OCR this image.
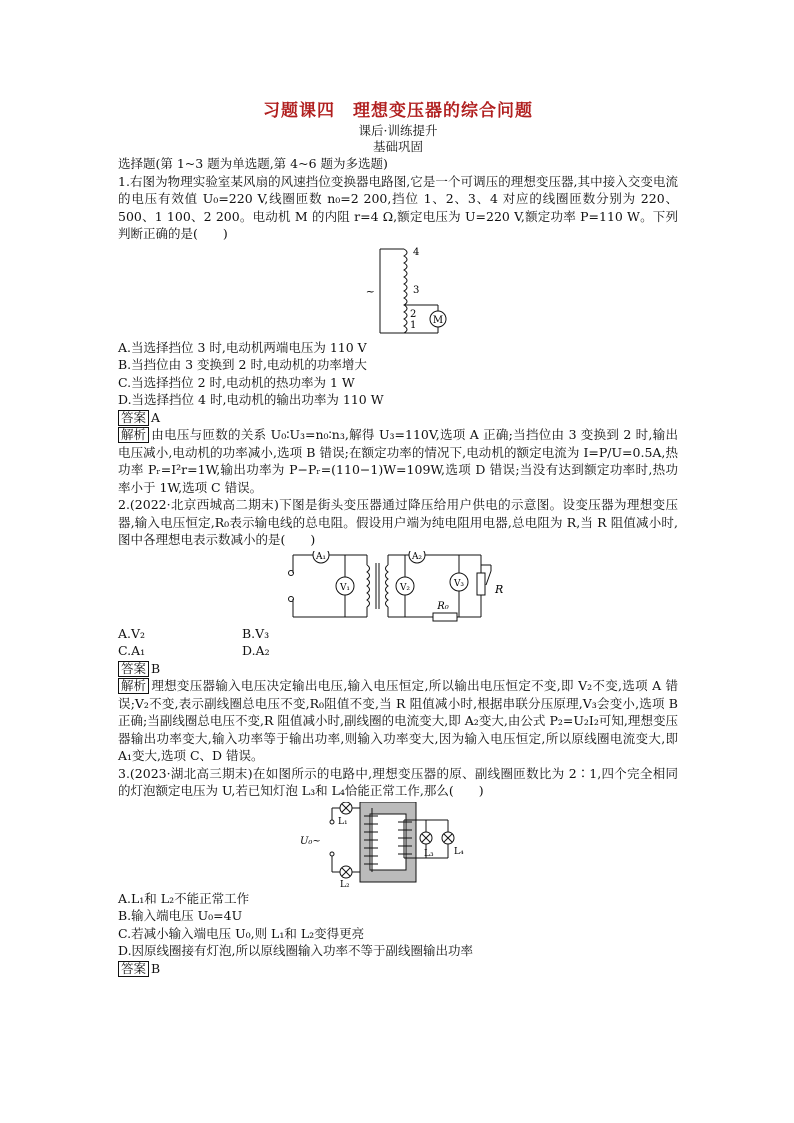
习题课四　理想变压器的综合问题
课后·训练提升
基础巩固

选择题(第 1~3 题为单选题,第 4~6 题为多选题)

1.右图为物理实验室某风扇的风速挡位变换器电路图,它是一个可调压的理想变压器,其中接入交变电流的电压有效值 U₀=220 V,线圈匝数 n₀=2 200,挡位 1、2、3、4 对应的线圈匝数分别为 220、500、1 100、2 200。电动机 M 的内阻 r=4 Ω,额定电压为 U=220 V,额定功率 P=110 W。下列判断正确的是(　　)

~
4
3
2
1 M
A.当选择挡位 3 时,电动机两端电压为 110 V
B.当挡位由 3 变换到 2 时,电动机的功率增大
C.当选择挡位 2 时,电动机的热功率为 1 W
D.当选择挡位 4 时,电动机的输出功率为 110 W

答案 A

解析 由电压与匝数的关系 U₀∶U₃=n₀∶n₃,解得 U₃=110V,选项 A 正确;当挡位由 3 变换到 2 时,输出电压减小,电动机的功率减小,选项 B 错误;在额定功率的情况下,电动机的额定电流为 I=P/U=0.5A,热功率 Pᵣ=I²r=1W,输出功率为 P−Pᵣ=(110−1)W=109W,选项 D 错误;当没有达到额定功率时,热功率小于 1W,选项 C 错误。

2.(2022·北京西城高二期末)下图是街头变压器通过降压给用户供电的示意图。设变压器为理想变压器,输入电压恒定,R₀表示输电线的总电阻。假设用户端为纯电阻用电器,总电阻为 R,当 R 阻值减小时,图中各理想电表示数减小的是(　　)

A₁
V₁
A₂
R₀
V₂	V₃	R
A.V₂	B.V₃
C.A₁	D.A₂

答案 B

解析 理想变压器输入电压决定输出电压,输入电压恒定,所以输出电压恒定不变,即 V₂不变,选项 A 错误;V₂不变,表示副线圈总电压不变,R₀阻值不变,当 R 阻值减小时,根据串联分压原理,V₃会变小,选项 B 正确;当副线圈总电压不变,R 阻值减小时,副线圈的电流变大,即 A₂变大,由公式 P₂=U₂I₂可知,理想变压器输出功率变大,输入功率等于输出功率,则输入功率变大,因为输入电压恒定,所以原线圈电流变大,即 A₁变大,选项 C、D 错误。

3.(2023·湖北高三期末)在如图所示的电路中,理想变压器的原、副线圈匝数比为 2∶1,四个完全相同的灯泡额定电压为 U,若已知灯泡 L₃和 L₄恰能正常工作,那么(　　)

U₀~
L₁
L₂
L₃ L₄
A.L₁和 L₂不能正常工作
B.输入端电压 U₀=4U
C.若减小输入端电压 U₀,则 L₁和 L₂变得更亮
D.因原线圈接有灯泡,所以原线圈输入功率不等于副线圈输出功率

答案 B
